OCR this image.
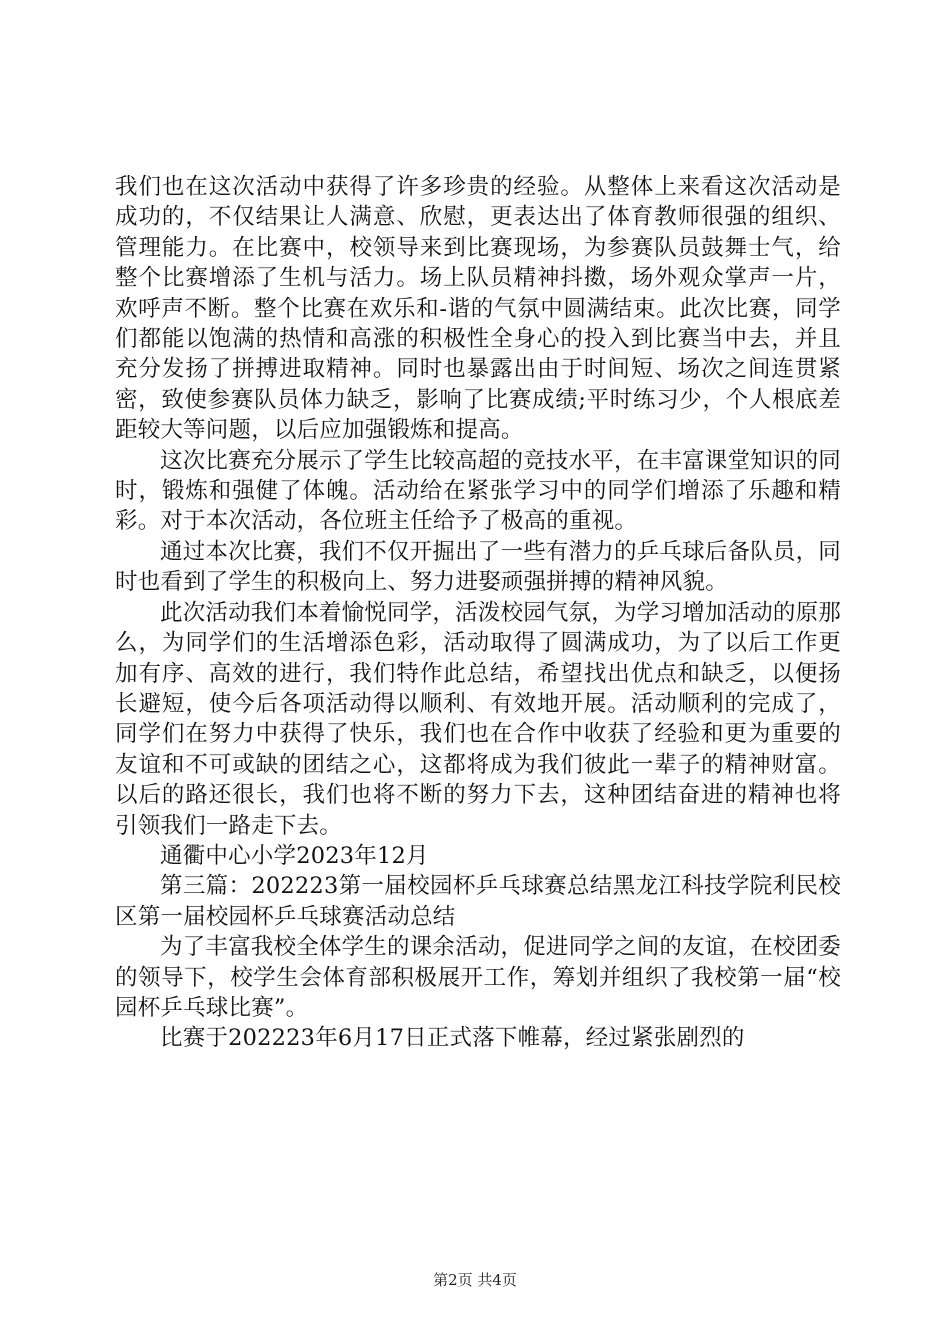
我们也在这次活动中获得了许多珍贵的经验。从整体上来看这次活动是成功的，不仅结果让人满意、欣慰，更表达出了体育教师很强的组织、管理能力。在比赛中，校领导来到比赛现场，为参赛队员鼓舞士气，给整个比赛增添了生机与活力。场上队员精神抖擞，场外观众掌声一片，欢呼声不断。整个比赛在欢乐和-谐的气氛中圆满结束。此次比赛，同学们都能以饱满的热情和高涨的积极性全身心的投入到比赛当中去，并且充分发扬了拼搏进取精神。同时也暴露出由于时间短、场次之间连贯紧密，致使参赛队员体力缺乏，影响了比赛成绩;平时练习少，个人根底差距较大等问题，以后应加强锻炼和提高。

这次比赛充分展示了学生比较高超的竞技水平，在丰富课堂知识的同时，锻炼和强健了体魄。活动给在紧张学习中的同学们增添了乐趣和精彩。对于本次活动，各位班主任给予了极高的重视。

通过本次比赛，我们不仅开掘出了一些有潜力的乒乓球后备队员，同时也看到了学生的积极向上、努力进娶顽强拼搏的精神风貌。

此次活动我们本着愉悦同学，活泼校园气氛，为学习增加活动的原那么，为同学们的生活增添色彩，活动取得了圆满成功，为了以后工作更加有序、高效的进行，我们特作此总结，希望找出优点和缺乏，以便扬长避短，使今后各项活动得以顺利、有效地开展。活动顺利的完成了，同学们在努力中获得了快乐，我们也在合作中收获了经验和更为重要的友谊和不可或缺的团结之心，这都将成为我们彼此一辈子的精神财富。以后的路还很长，我们也将不断的努力下去，这种团结奋进的精神也将引领我们一路走下去。

通衢中心小学2023年12月

第三篇：202223第一届校园杯乒乓球赛总结黑龙江科技学院利民校区第一届校园杯乒乓球赛活动总结

为了丰富我校全体学生的课余活动，促进同学之间的友谊，在校团委的领导下，校学生会体育部积极展开工作，筹划并组织了我校第一届“校园杯乒乓球比赛”。

比赛于202223年6月17日正式落下帷幕，经过紧张剧烈的

第2页 共4页
